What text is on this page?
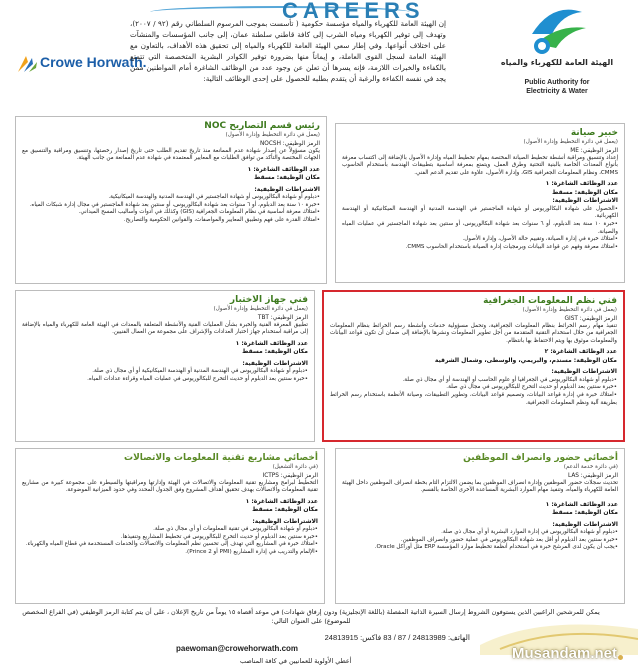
CAREERS
Crowe Horwath.
إن الهيئة العامة للكهرباء والمياه مؤسسة حكومية ( تأسست بموجب المرسوم السلطاني رقم (٩٢ / ٢٠٠٧)، وتهدف إلى توفير الكهرباء ومياه الشرب إلى كافة قاطني سلطنة عمان، إلى جانب المؤسسات والمنشآت على اختلاف أنواعها. وفي إطار سعي الهيئة العامة للكهرباء والمياه إلى تحقيق هذه الأهداف، بالتعاون مع الهيئة العامة لسجل القوى العاملة، و إيماناً منها بضرورة توفير الكوادر البشرية المتخصصة التي تتمتع بالكفاءة والخبرات اللازمة، فإنه يسرها أن تعلن عن وجود عدد من الوظائف الشاغرة أمام المواطنين ممن يجد في نفسه الكفاءة والرغبة أن يتقدم بطلبه للحصول على إحدى الوظائف التالية:
الهيئة العامة للكهرباء والمياه
Public Authority for
Electricity & Water
خبير صيانة
(يعمل في دائرة التخطيط وإدارة الأصول)
الرمز الوظيفي: ME
إعداد وتنسيق ومراقبة أنشطة تخطيط الصيانة المختصة بمهام تخطيط المياه وإدارة الأصول بالإضافة إلى اكتساب معرفة بأنواع المعدات الخاصة بالبنية التحتية وطرق العمل، ويتمتع بمعرفة أساسية بتطبيقات الهندسة باستخدام الحاسوب CMMS، ونظام المعلومات الجغرافية GIS، وإدارة الأصول، علاوة على تقديم الدعم الفني.
عدد الوظائف الشاغرة: ١
مكان الوظيفة: مسقط
الاشتراطات الوظيفية:
•الحصول على شهادة البكالوريوس أو شهادة الماجستير في الهندسة المدنية أو الهندسة الميكانيكية أو الهندسة الكهربائية.
•خبرة ١٠ سنة بعد الدبلوم، أو ٦ سنوات بعد شهادة البكالوريوس، أو سنتين بعد شهادة الماجستير في عمليات المياه والصيانة.
•امتلاك خبرة في إدارة الصيانة، وتقييم حالة الأصول، وإدارة الأصول.
•امتلاك معرفة وفهم عن قواعد البيانات وبرمجيات إدارة الصيانة باستخدام الحاسوب CMMS.
رئيس قسم التصاريح NOC
(يعمل في دائرة التخطيط وإدارة الأصول)
الرمز الوظيفي: NOCSH
يكون مسؤولاً عن إصدار شهادة عدم الممانعة منذ تاريخ تقديم الطلب حتى تاريخ إصدار رخصتها، وتنسيق ومراقبة والتنسيق مع الجهات المختصة والتأكد من توافق الطلبات مع المعايير المعتمدة في شهادة عدم الممانعة من جانب الهيئة.
عدد الوظائف الشاغرة: ١
مكان الوظيفة: مسقط
الاشتراطات الوظيفية:
•دبلوم أو شهادة البكالوريوس أو شهادة الماجستير في الهندسة المدنية والهندسة الميكانيكية.
•خبرة ١٠ سنة بعد الدبلوم، أو ٦ سنوات بعد شهادة البكالوريوس، أو سنتين بعد شهادة الماجستير في مجال إدارة شبكات المياه.
•امتلاك معرفة أساسية في نظام المعلومات الجغرافية (GIS) وكذلك في أدوات وأساليب المسح الميداني.
•امتلاك القدرة على فهم وتطبيق المعايير والمواصفات، والقوانين الحكومية والتصاريح.
فني نظم المعلومات الجغرافية
(يعمل في دائرة التخطيط وإدارة الأصول)
الرمز الوظيفي: GIST
تنفيذ مهام رسم الخرائط بنظام المعلومات الجغرافية، وتحمل مسؤولية خدمات وأنشطة رسم الخرائط بنظام المعلومات الجغرافية من خلال استخدام التقنية المتقدمة من أجل تطوير المعلومات ونشرها بالإضافة إلى ضمان أن تكون قواعد البيانات والمعلومات موثوق بها ويتم الاحتفاظ بها بانتظام.
عدد الوظائف الشاغرة: ٢
مكان الوظيفة: مسندم، والبريمي، والوسطى، وشمال الشرقية
الاشتراطات الوظيفية:
•دبلوم أو شهادة البكالوريوس في الجغرافيا أو علوم الحاسب أو الهندسة أو أي مجال ذي صلة.
•خبرة سنتين بعد الدبلوم أو حديث التخرج للبكالوريوس في مجال ذي صلة.
•امتلاك خبرة في إدارة قواعد البيانات، وتصميم قواعد البيانات، وتطوير التطبيقات، وصيانة الأنظمة باستخدام رسم الخرائط بطريقة آلية ونظم المعلومات الجغرافية.
فني جهاز الاختبار
(يعمل في دائرة التخطيط وإدارة الأصول)
الرمز الوظيفي: TBT
تطبيق المعرفة الفنية والخبرة بشأن العمليات الفنية والأنشطة المتعلقة بالمعدات في الهيئة العامة للكهرباء والمياه بالإضافة إلى مراقبة استخدام جهاز اختبار العدادات والإشراف على مجموعة من العمال الفنيين.
عدد الوظائف الشاغرة: ١
مكان الوظيفة: مسقط
الاشتراطات الوظيفية:
•دبلوم أو شهادة البكالوريوس في الهندسة المدنية أو الهندسة الميكانيكية أو أي مجال ذي صلة.
•خبرة سنتين بعد الدبلوم أو حديث التخرج للبكالوريوس في عمليات المياه وقراءة عدادات المياه.
أخصائي حضور وانصراف الموظفين
(في دائرة خدمة الدعم)
الرمز الوظيفي: LAS
تحديث سجلات حضور الموظفين وإدارة انصراف الموظفين بما يضمن الالتزام التام بخطة انصراف الموظفين داخل الهيئة العامة للكهرباء والمياه، وتنفيذ مهام الموارد البشرية المساعدة الأخرى الخاصة بالقسم.
عدد الوظائف الشاغرة: ١
مكان الوظيفة: مسقط
الاشتراطات الوظيفية:
•دبلوم أو شهادة البكالوريوس في إدارة الموارد البشرية أو أي مجال ذي صلة.
•خبرة سنتين بعد الدبلوم أو أقل بعد شهادة البكالوريوس في عملية حضور وانصراف الموظفين.
•يجب أن يكون لدى المرشح خبرة في استخدام أنظمة تخطيط موارد المؤسسة ERP مثل أوراكل Oracle.
أخصائي مشاريع تقنية المعلومات والاتصالات
(في دائرة التشغيل)
الرمز الوظيفي: ICTPS
التخطيط لبرامج ومشاريع تقنية المعلومات والاتصالات في الهيئة وإدارتها ومراقبتها والسيطرة على مجموعة كبيرة من مشاريع تقنية المعلومات والاتصالات بهدف تحقيق أهداف المشروع وفق الجدول المحدد وفي حدود الميزانية الموضوعة.
عدد الوظائف الشاغرة: ١
مكان الوظيفة: مسقط
الاشتراطات الوظيفية:
•دبلوم أو شهادة البكالوريوس في تقنية المعلومات أو أي مجال ذي صلة.
•خبرة سنتين بعد الدبلوم أو حديث التخرج للبكالوريوس في تخطيط المشاريع وتنفيذها.
•امتلاك خبرة في المشاريع التي تهدف إلى تحسين نظم المعلومات والاتصالات والخدمات المستخدمة في قطاع المياه والكهرباء.
•الإلمام والتدريب في إدارة المشاريع (PMI أو Prince 2).
يمكن للمرشحين الراغبين الذين يستوفون الشروط إرسال السيرة الذاتية المفصلة (باللغة الإنجليزية) ودون إرفاق شهادات) في موعد أقصاه ١٥ يوماً من تاريخ الإعلان ، على أن يتم كتابة الرمز الوظيفي (في الفراغ المخصص للموضوع) على العنوان التالي:
الهاتف: 24813989 / 87 / 83 فاكس: 24813915
paewoman@crowehorwath.com
أعطي الأولوية للعمانيين في كافة المناصب	Musandam.net
